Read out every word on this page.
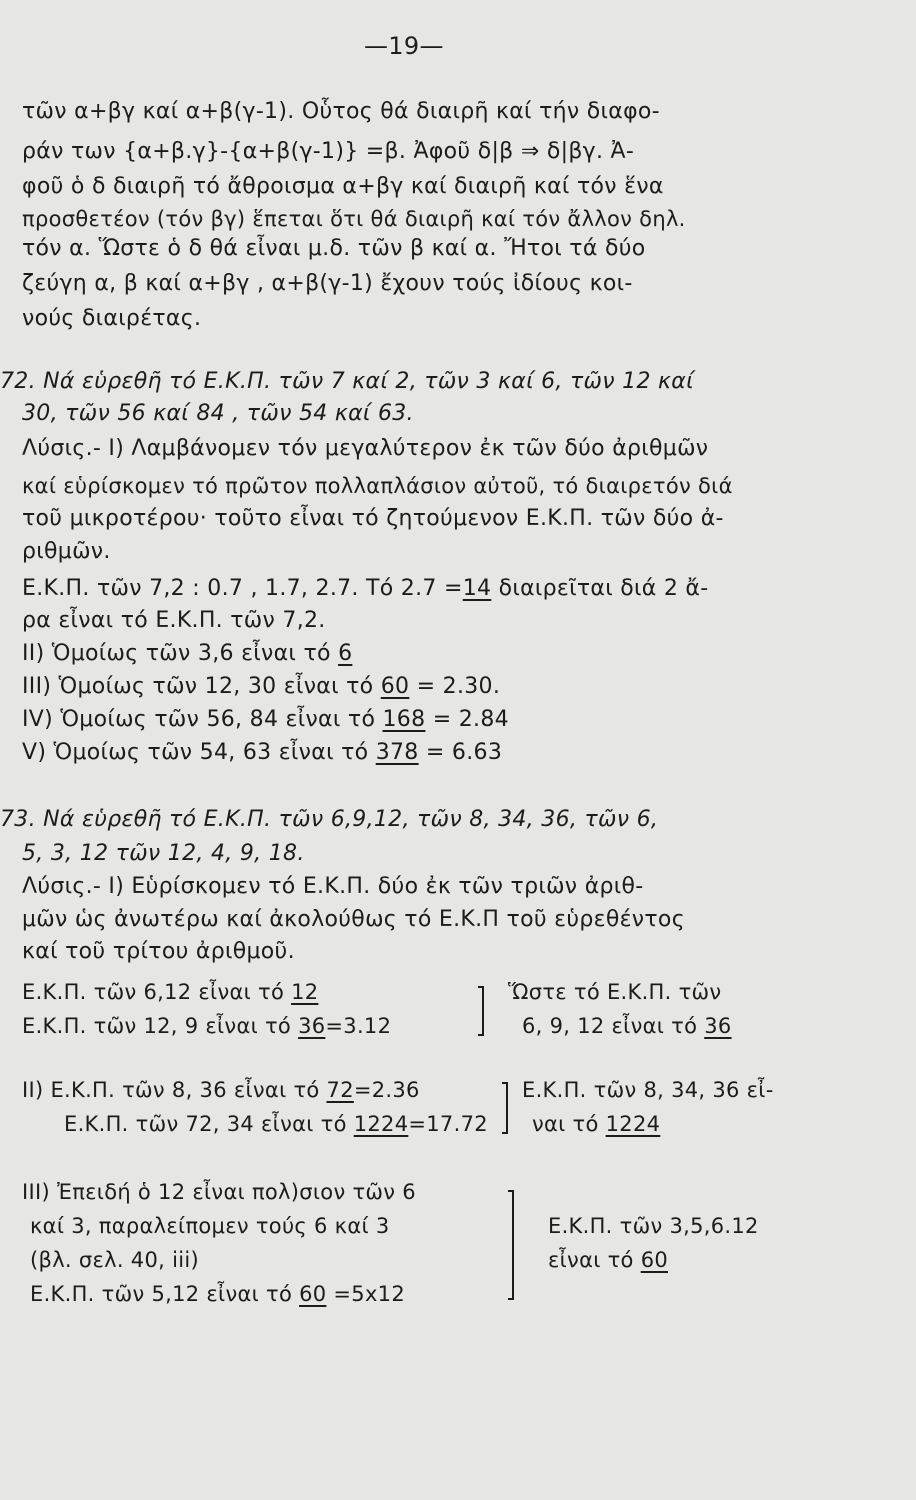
—19—
τῶν α+βγ καί α+β(γ-1). Οὗτος θά διαιρῆ καί τήν διαφο-
ράν των {α+β.γ}-{α+β(γ-1)} =β. Ἀφοῦ δ|β ⇒ δ|βγ. Ἀ-
φοῦ ὁ δ διαιρῆ τό ἄθροισμα α+βγ καί διαιρῆ καί τόν ἕνα
προσθετέον (τόν βγ) ἕπεται ὅτι θά διαιρῆ καί τόν ἄλλον δηλ.
τόν α. Ὥστε ὁ δ θά εἶναι μ.δ. τῶν β καί α. Ἤτοι τά δύο
ζεύγη α, β καί α+βγ , α+β(γ-1) ἔχουν τούς ἰδίους κοι-
νούς διαιρέτας.
72. Νά εὑρεθῆ τό Ε.Κ.Π. τῶν 7 καί 2, τῶν 3 καί 6, τῶν 12 καί
30, τῶν 56 καί 84 , τῶν 54 καί 63.
Λύσις.- I) Λαμβάνομεν τόν μεγαλύτερον ἐκ τῶν δύο ἀριθμῶν
καί εὑρίσκομεν τό πρῶτον πολλαπλάσιον αὐτοῦ, τό διαιρετόν διά
τοῦ μικροτέρου· τοῦτο εἶναι τό ζητούμενον Ε.Κ.Π. τῶν δύο ἀ-
ριθμῶν.
Ε.Κ.Π. τῶν 7,2 : 0.7 , 1.7, 2.7. Τό 2.7 =14 διαιρεῖται διά 2 ἄ-
ρα εἶναι τό Ε.Κ.Π. τῶν 7,2.
II) Ὁμοίως τῶν 3,6 εἶναι τό 6
III) Ὁμοίως τῶν 12, 30 εἶναι τό 60 = 2.30.
IV) Ὁμοίως τῶν 56, 84 εἶναι τό 168 = 2.84
V) Ὁμοίως τῶν 54, 63 εἶναι τό 378 = 6.63
73. Νά εὑρεθῆ τό Ε.Κ.Π. τῶν 6,9,12, τῶν 8, 34, 36, τῶν 6,
5, 3, 12 τῶν 12, 4, 9, 18.
Λύσις.- I) Εὑρίσκομεν τό Ε.Κ.Π. δύο ἐκ τῶν τριῶν ἀριθ-
μῶν ὡς ἀνωτέρω καί ἀκολούθως τό Ε.Κ.Π τοῦ εὑρεθέντος
καί τοῦ τρίτου ἀριθμοῦ.
Ε.Κ.Π. τῶν 6,12 εἶναι τό 12
Ε.Κ.Π. τῶν 12, 9 εἶναι τό 36=3.12
Ὥστε τό Ε.Κ.Π. τῶν
6, 9, 12 εἶναι τό 36
II) Ε.Κ.Π. τῶν 8, 36 εἶναι τό 72=2.36
Ε.Κ.Π. τῶν 72, 34 εἶναι τό 1224=17.72
Ε.Κ.Π. τῶν 8, 34, 36 εἶ-
ναι τό 1224
III) Ἐπειδή ὁ 12 εἶναι πολ)σιον τῶν 6
καί 3, παραλείπομεν τούς 6 καί 3
(βλ. σελ. 40, iii)
Ε.Κ.Π. τῶν 5,12 εἶναι τό 60 =5x12
Ε.Κ.Π. τῶν 3,5,6.12
εἶναι τό 60
